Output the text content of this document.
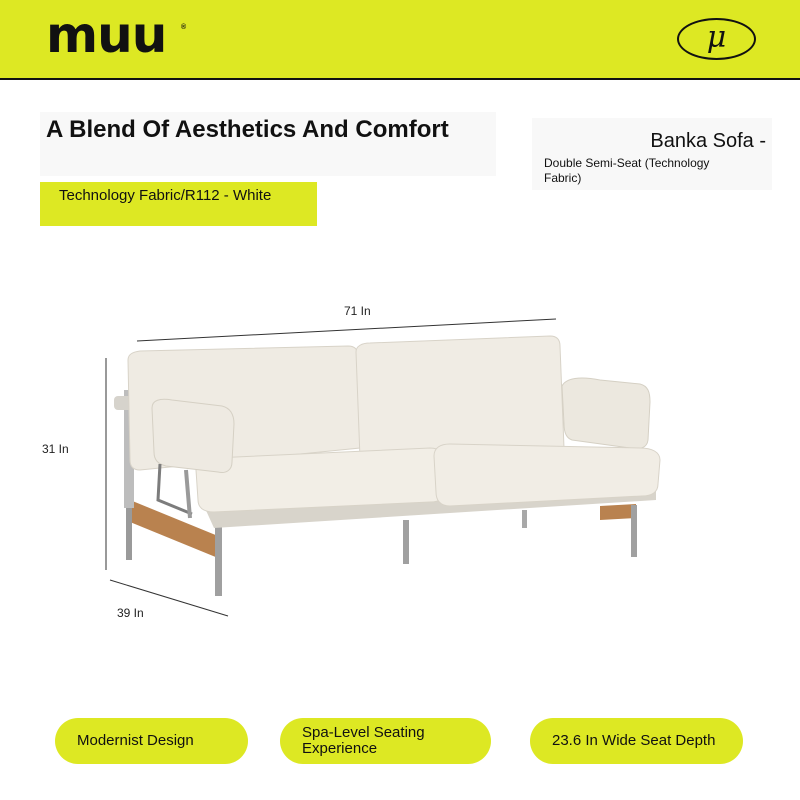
muu ®	μ
A Blend Of Aesthetics And Comfort
Technology Fabric/R112 - White
Banka Sofa -
Double Semi-Seat (Technology Fabric)
71 In
31 In
39 In
Modernist Design	Spa-Level Seating Experience	23.6 In Wide Seat Depth
